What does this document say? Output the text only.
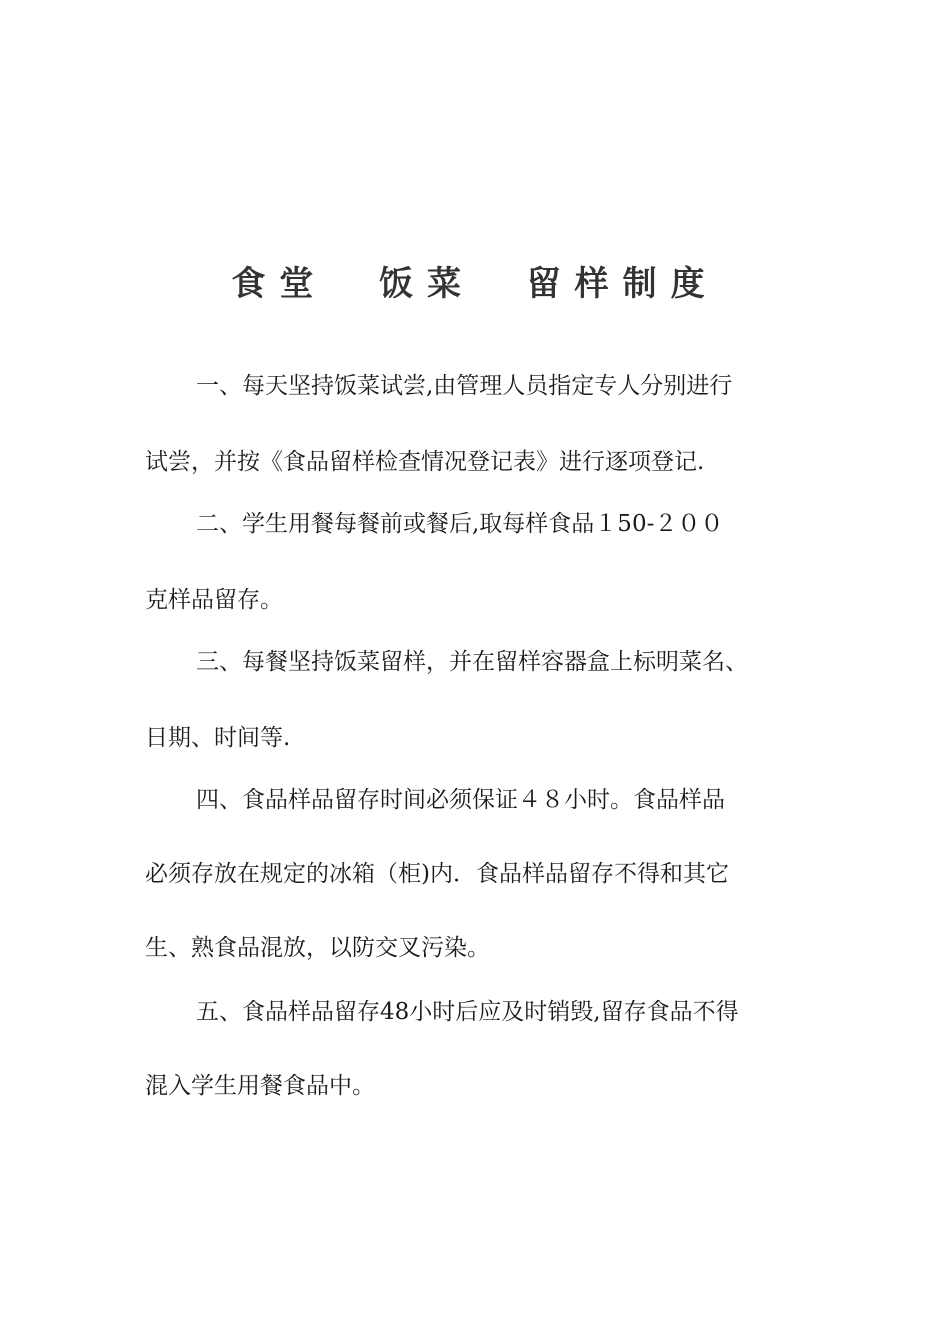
食堂  饭菜  留样制度
一、每天坚持饭菜试尝,由管理人员指定专人分别进行
试尝，并按《食品留样检查情况登记表》进行逐项登记.
二、学生用餐每餐前或餐后,取每样食品１50-２００
克样品留存。
三、每餐坚持饭菜留样，并在留样容器盒上标明菜名、
日期、时间等.
四、食品样品留存时间必须保证４８小时。食品样品
必须存放在规定的冰箱（柜)内．食品样品留存不得和其它
生、熟食品混放，以防交叉污染。
五、食品样品留存48小时后应及时销毁,留存食品不得
混入学生用餐食品中。
